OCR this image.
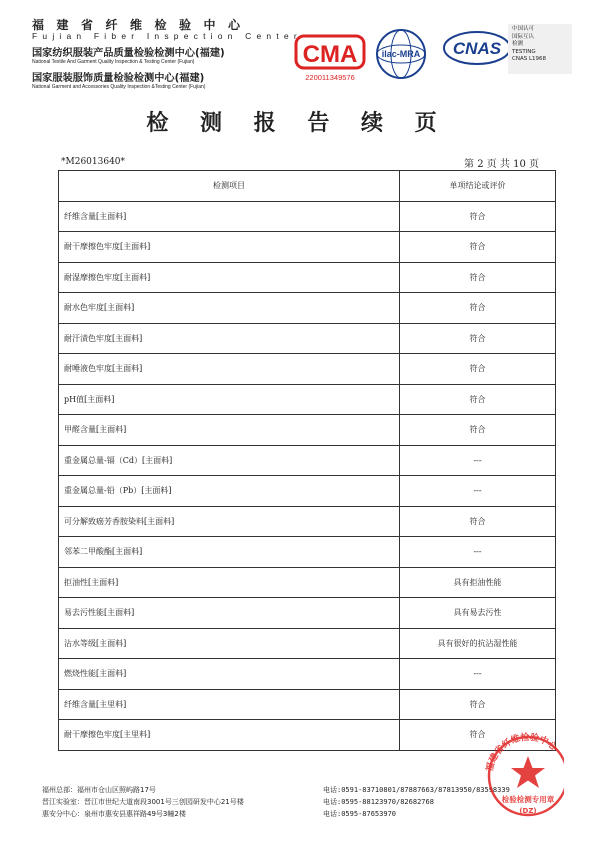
福建省纤维检验中心
Fujian Fiber Inspection Center
国家纺织服装产品质量检验检测中心(福建)
National Textile And Garment Quality Inspection & Testing Center (Fujian)
国家服装服饰质量检验检测中心(福建)
National Garment and Accessories Quality Inspection &Testing Center (Fujian)
CMA
220011349576
ilac-MRA CNAS
中国认可
国际互认
检测
TESTING
CNAS L1968
检 测 报 告 续 页
*M26013640*	第 2 页 共 10 页
检测项目	单项结论或评价
纤维含量[主面料]	符合
耐干摩擦色牢度[主面料]	符合
耐湿摩擦色牢度[主面料]	符合
耐水色牢度[主面料]	符合
耐汗渍色牢度[主面料]	符合
耐唾液色牢度[主面料]	符合
pH值[主面料]	符合
甲醛含量[主面料]	符合
重金属总量-镉（Cd）[主面料]	---
重金属总量-铅（Pb）[主面料]	---
可分解致癌芳香胺染料[主面料]	符合
邻苯二甲酸酯[主面料]	---
拒油性[主面料]	具有拒油性能
易去污性能[主面料]	具有易去污性
沾水等级[主面料]	具有很好的抗沾湿性能
燃烧性能[主面料]	---
纤维含量[主里料]	符合
耐干摩擦色牢度[主里料]	符合
福州总部：福州市仓山区照屿路17号	电话:0591-83710801/87887663/87813950/83598339
晋江实验室：晋江市世纪大道南段3001号三创园研发中心21号楼	电话:0595-88123970/82682768
惠安分中心：泉州市惠安县惠祥路49号3幢2楼	电话:0595-87653970
福建省纤维检验中心
检验检测专用章
(DZ)
